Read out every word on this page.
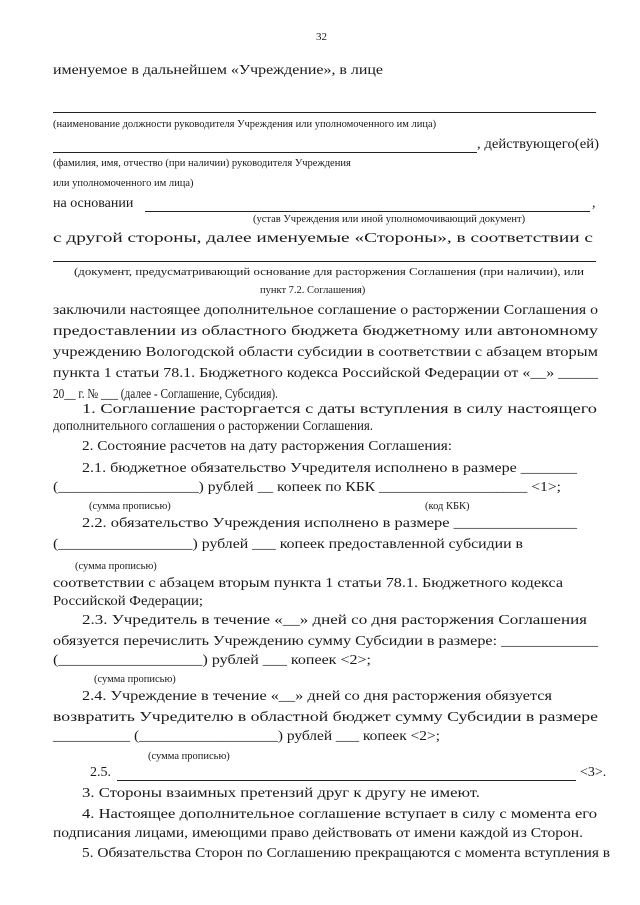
32
именуемое в дальнейшем «Учреждение», в лице
(наименование должности руководителя Учреждения или уполномоченного им лица)
, действующего(ей)
(фамилия, имя, отчество (при наличии) руководителя Учреждения
или уполномоченного им лица)
на основании	,
(устав Учреждения или иной уполномочивающий документ)
с другой стороны, далее именуемые «Стороны», в соответствии с
(документ, предусматривающий основание для расторжения Соглашения (при наличии), или
пункт 7.2. Соглашения)
заключили настоящее дополнительное соглашение о расторжении Соглашения о
предоставлении из областного бюджета бюджетному или автономному
учреждению Вологодской области субсидии в соответствии с абзацем вторым
пункта 1 статьи 78.1. Бюджетного кодекса Российской Федерации от «__» _____
20__ г. № ___ (далее - Соглашение, Субсидия).
1. Соглашение расторгается с даты вступления в силу настоящего
дополнительного соглашения о расторжении Соглашения.
2. Состояние расчетов на дату расторжения Соглашения:
2.1. бюджетное обязательство Учредителя исполнено в размере _______
(__________________) рублей __ копеек по КБК ___________________ <1>;
(сумма прописью)	(код КБК)
2.2. обязательство Учреждения исполнено в размере _______________
(_________________) рублей ___ копеек предоставленной субсидии в
(сумма прописью)
соответствии с абзацем вторым пункта 1 статьи 78.1. Бюджетного кодекса
Российской Федерации;
2.3. Учредитель в течение «__» дней со дня расторжения Соглашения
обязуется перечислить Учреждению сумму Субсидии в размере: ____________
(__________________) рублей ___ копеек <2>;
(сумма прописью)
2.4. Учреждение в течение «__» дней со дня расторжения обязуется
возвратить Учредителю в областной бюджет сумму Субсидии в размере
__________ (__________________) рублей ___ копеек <2>;
(сумма прописью)
2.5.	<3>.
3. Стороны взаимных претензий друг к другу не имеют.
4. Настоящее дополнительное соглашение вступает в силу с момента его
подписания лицами, имеющими право действовать от имени каждой из Сторон.
5. Обязательства Сторон по Соглашению прекращаются с момента вступления в
